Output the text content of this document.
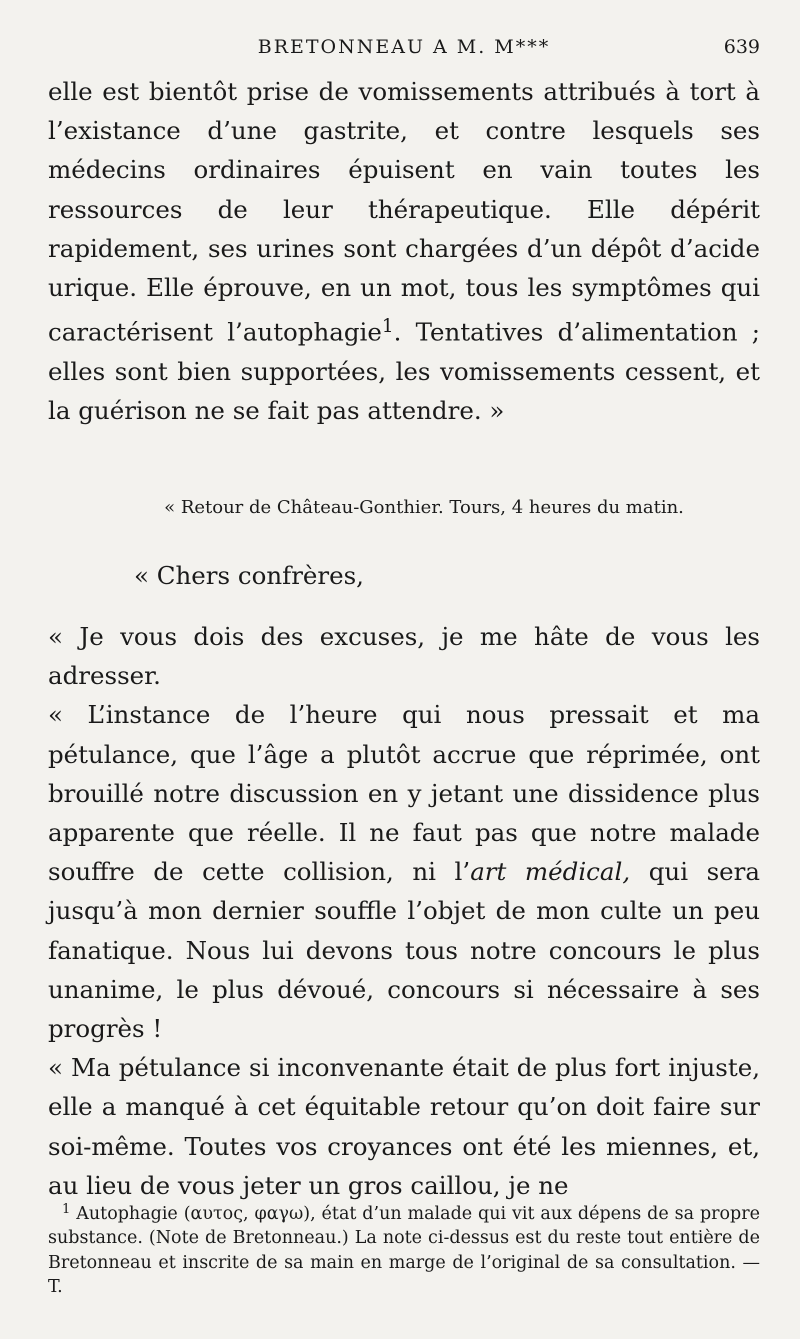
BRETONNEAU A M. M***	639

elle est bientôt prise de vomissements attribués à tort à l’existance d’une gastrite, et contre lesquels ses médecins ordinaires épuisent en vain toutes les ressources de leur thérapeutique. Elle dépérit rapidement, ses urines sont chargées d’un dépôt d’acide urique. Elle éprouve, en un mot, tous les symptômes qui caractérisent l’autophagie$^1$. Tentatives d’alimentation ; elles sont bien supportées, les vomissements cessent, et la guérison ne se fait pas attendre. »

« Retour de Château-Gonthier. Tours, 4 heures du matin.
« Chers confrères,

« Je vous dois des excuses, je me hâte de vous les adresser.

« L’instance de l’heure qui nous pressait et ma pétulance, que l’âge a plutôt accrue que réprimée, ont brouillé notre discussion en y jetant une dissidence plus apparente que réelle. Il ne faut pas que notre malade souffre de cette collision, ni l’art médical, qui sera jusqu’à mon dernier souffle l’objet de mon culte un peu fanatique. Nous lui devons tous notre concours le plus unanime, le plus dévoué, concours si nécessaire à ses progrès !

« Ma pétulance si inconvenante était de plus fort injuste, elle a manqué à cet équitable retour qu’on doit faire sur soi-même. Toutes vos croyances ont été les miennes, et, au lieu de vous jeter un gros caillou, je ne

$^1$ Autophagie (αυτος, φαγω), état d’un malade qui vit aux dépens de sa propre substance. (Note de Bretonneau.) La note ci-dessus est du reste tout entière de Bretonneau et inscrite de sa main en marge de l’original de sa consultation. — T.
